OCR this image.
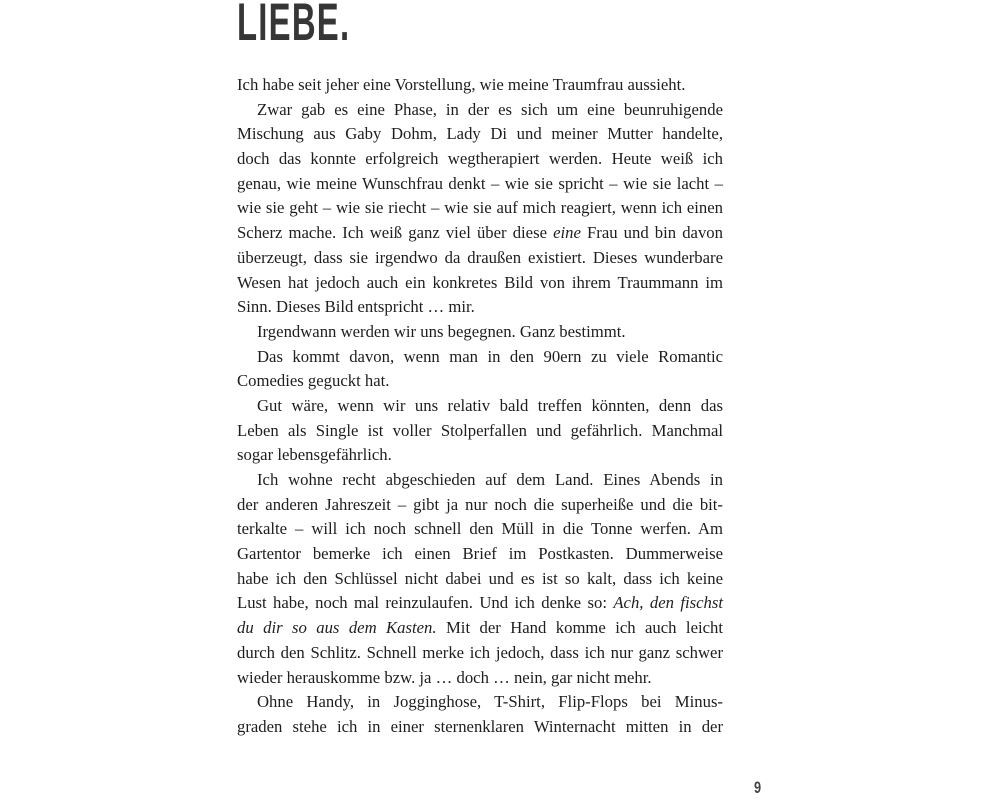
LIEBE.
Ich habe seit jeher eine Vorstellung, wie meine Traumfrau aussieht.
Zwar gab es eine Phase, in der es sich um eine beunruhigende
Mischung aus Gaby Dohm, Lady Di und meiner Mutter handelte,
doch das konnte erfolgreich wegtherapiert werden. Heute weiß ich
genau, wie meine Wunschfrau denkt – wie sie spricht – wie sie lacht –
wie sie geht – wie sie riecht – wie sie auf mich reagiert, wenn ich einen
Scherz mache. Ich weiß ganz viel über diese eine Frau und bin davon
überzeugt, dass sie irgendwo da draußen existiert. Dieses wunderbare
Wesen hat jedoch auch ein konkretes Bild von ihrem Traummann im
Sinn. Dieses Bild entspricht … mir.
Irgendwann werden wir uns begegnen. Ganz bestimmt.
Das kommt davon, wenn man in den 90ern zu viele Romantic
Comedies geguckt hat.
Gut wäre, wenn wir uns relativ bald treffen könnten, denn das
Leben als Single ist voller Stolperfallen und gefährlich. Manchmal
sogar lebensgefährlich.
Ich wohne recht abgeschieden auf dem Land. Eines Abends in
der anderen Jahreszeit – gibt ja nur noch die superheiße und die bit-
terkalte – will ich noch schnell den Müll in die Tonne werfen. Am
Gartentor bemerke ich einen Brief im Postkasten. Dummerweise
habe ich den Schlüssel nicht dabei und es ist so kalt, dass ich keine
Lust habe, noch mal reinzulaufen. Und ich denke so: Ach, den fischst
du dir so aus dem Kasten. Mit der Hand komme ich auch leicht
durch den Schlitz. Schnell merke ich jedoch, dass ich nur ganz schwer
wieder herauskomme bzw. ja … doch … nein, gar nicht mehr.
Ohne Handy, in Jogginghose, T-Shirt, Flip-Flops bei Minus-
graden stehe ich in einer sternenklaren Winternacht mitten in der
9
